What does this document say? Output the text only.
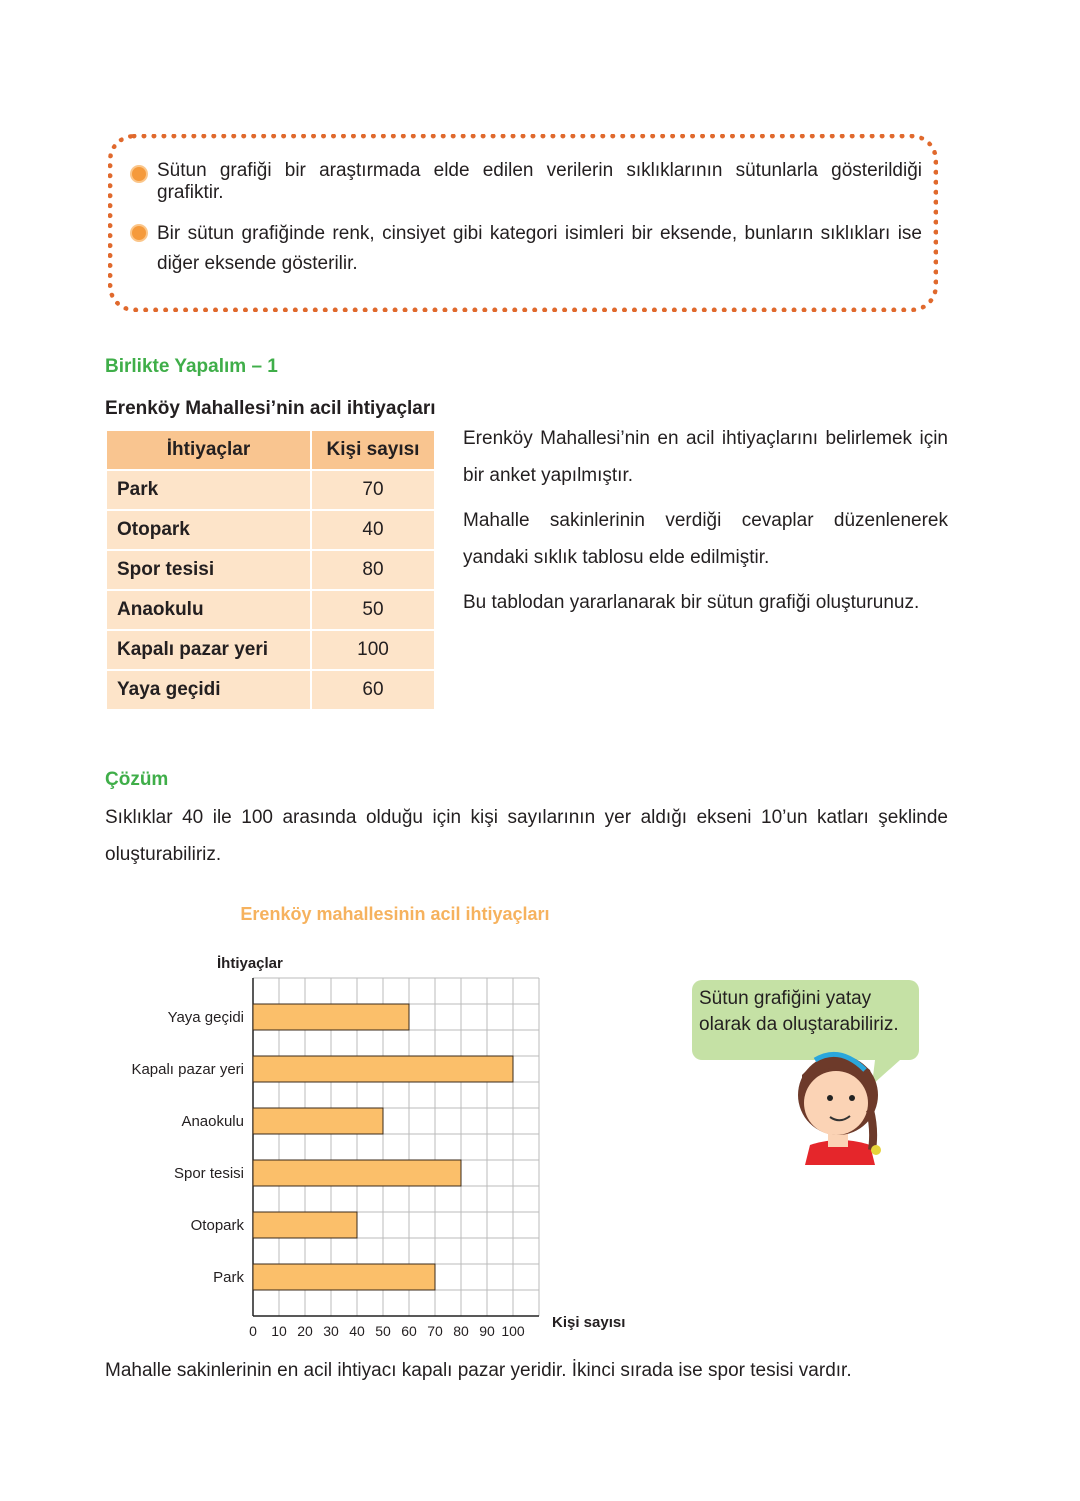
Sütun grafiği bir araştırmada elde edilen verilerin sıklıklarının sütunlarla gösterildiği grafiktir.
Bir sütun grafiğinde renk, cinsiyet gibi kategori isimleri bir eksende, bunların sıklıkları ise diğer eksende gösterilir.
Birlikte Yapalım – 1
Erenköy Mahallesi’nin acil ihtiyaçları
İhtiyaçlar	Kişi sayısı
Park	70
Otopark	40
Spor tesisi	80
Anaokulu	50
Kapalı pazar yeri	100
Yaya geçidi	60
Erenköy Mahallesi’nin en acil ihtiyaçlarını belirlemek için bir anket yapılmıştır.
Mahalle sakinlerinin verdiği cevaplar düzenlenerek yandaki sıklık tablosu elde edilmiştir.
Bu tablodan yararlanarak bir sütun grafiği oluşturunuz.
Çözüm
Sıklıklar 40 ile 100 arasında olduğu için kişi sayılarının yer aldığı ekseni 10’un katları şeklinde oluşturabiliriz.
Erenköy mahallesinin acil ihtiyaçları
İhtiyaçlar
Kişi sayısı
Yaya geçidi
Kapalı pazar yeri
Anaokulu
Spor tesisi
Otopark
Park
0 10 20 30 40 50 60 70 80 90 100
Sütun grafiğini yatay olarak da oluştarabiliriz.
Mahalle sakinlerinin en acil ihtiyacı kapalı pazar yeridir. İkinci sırada ise spor tesisi vardır.
